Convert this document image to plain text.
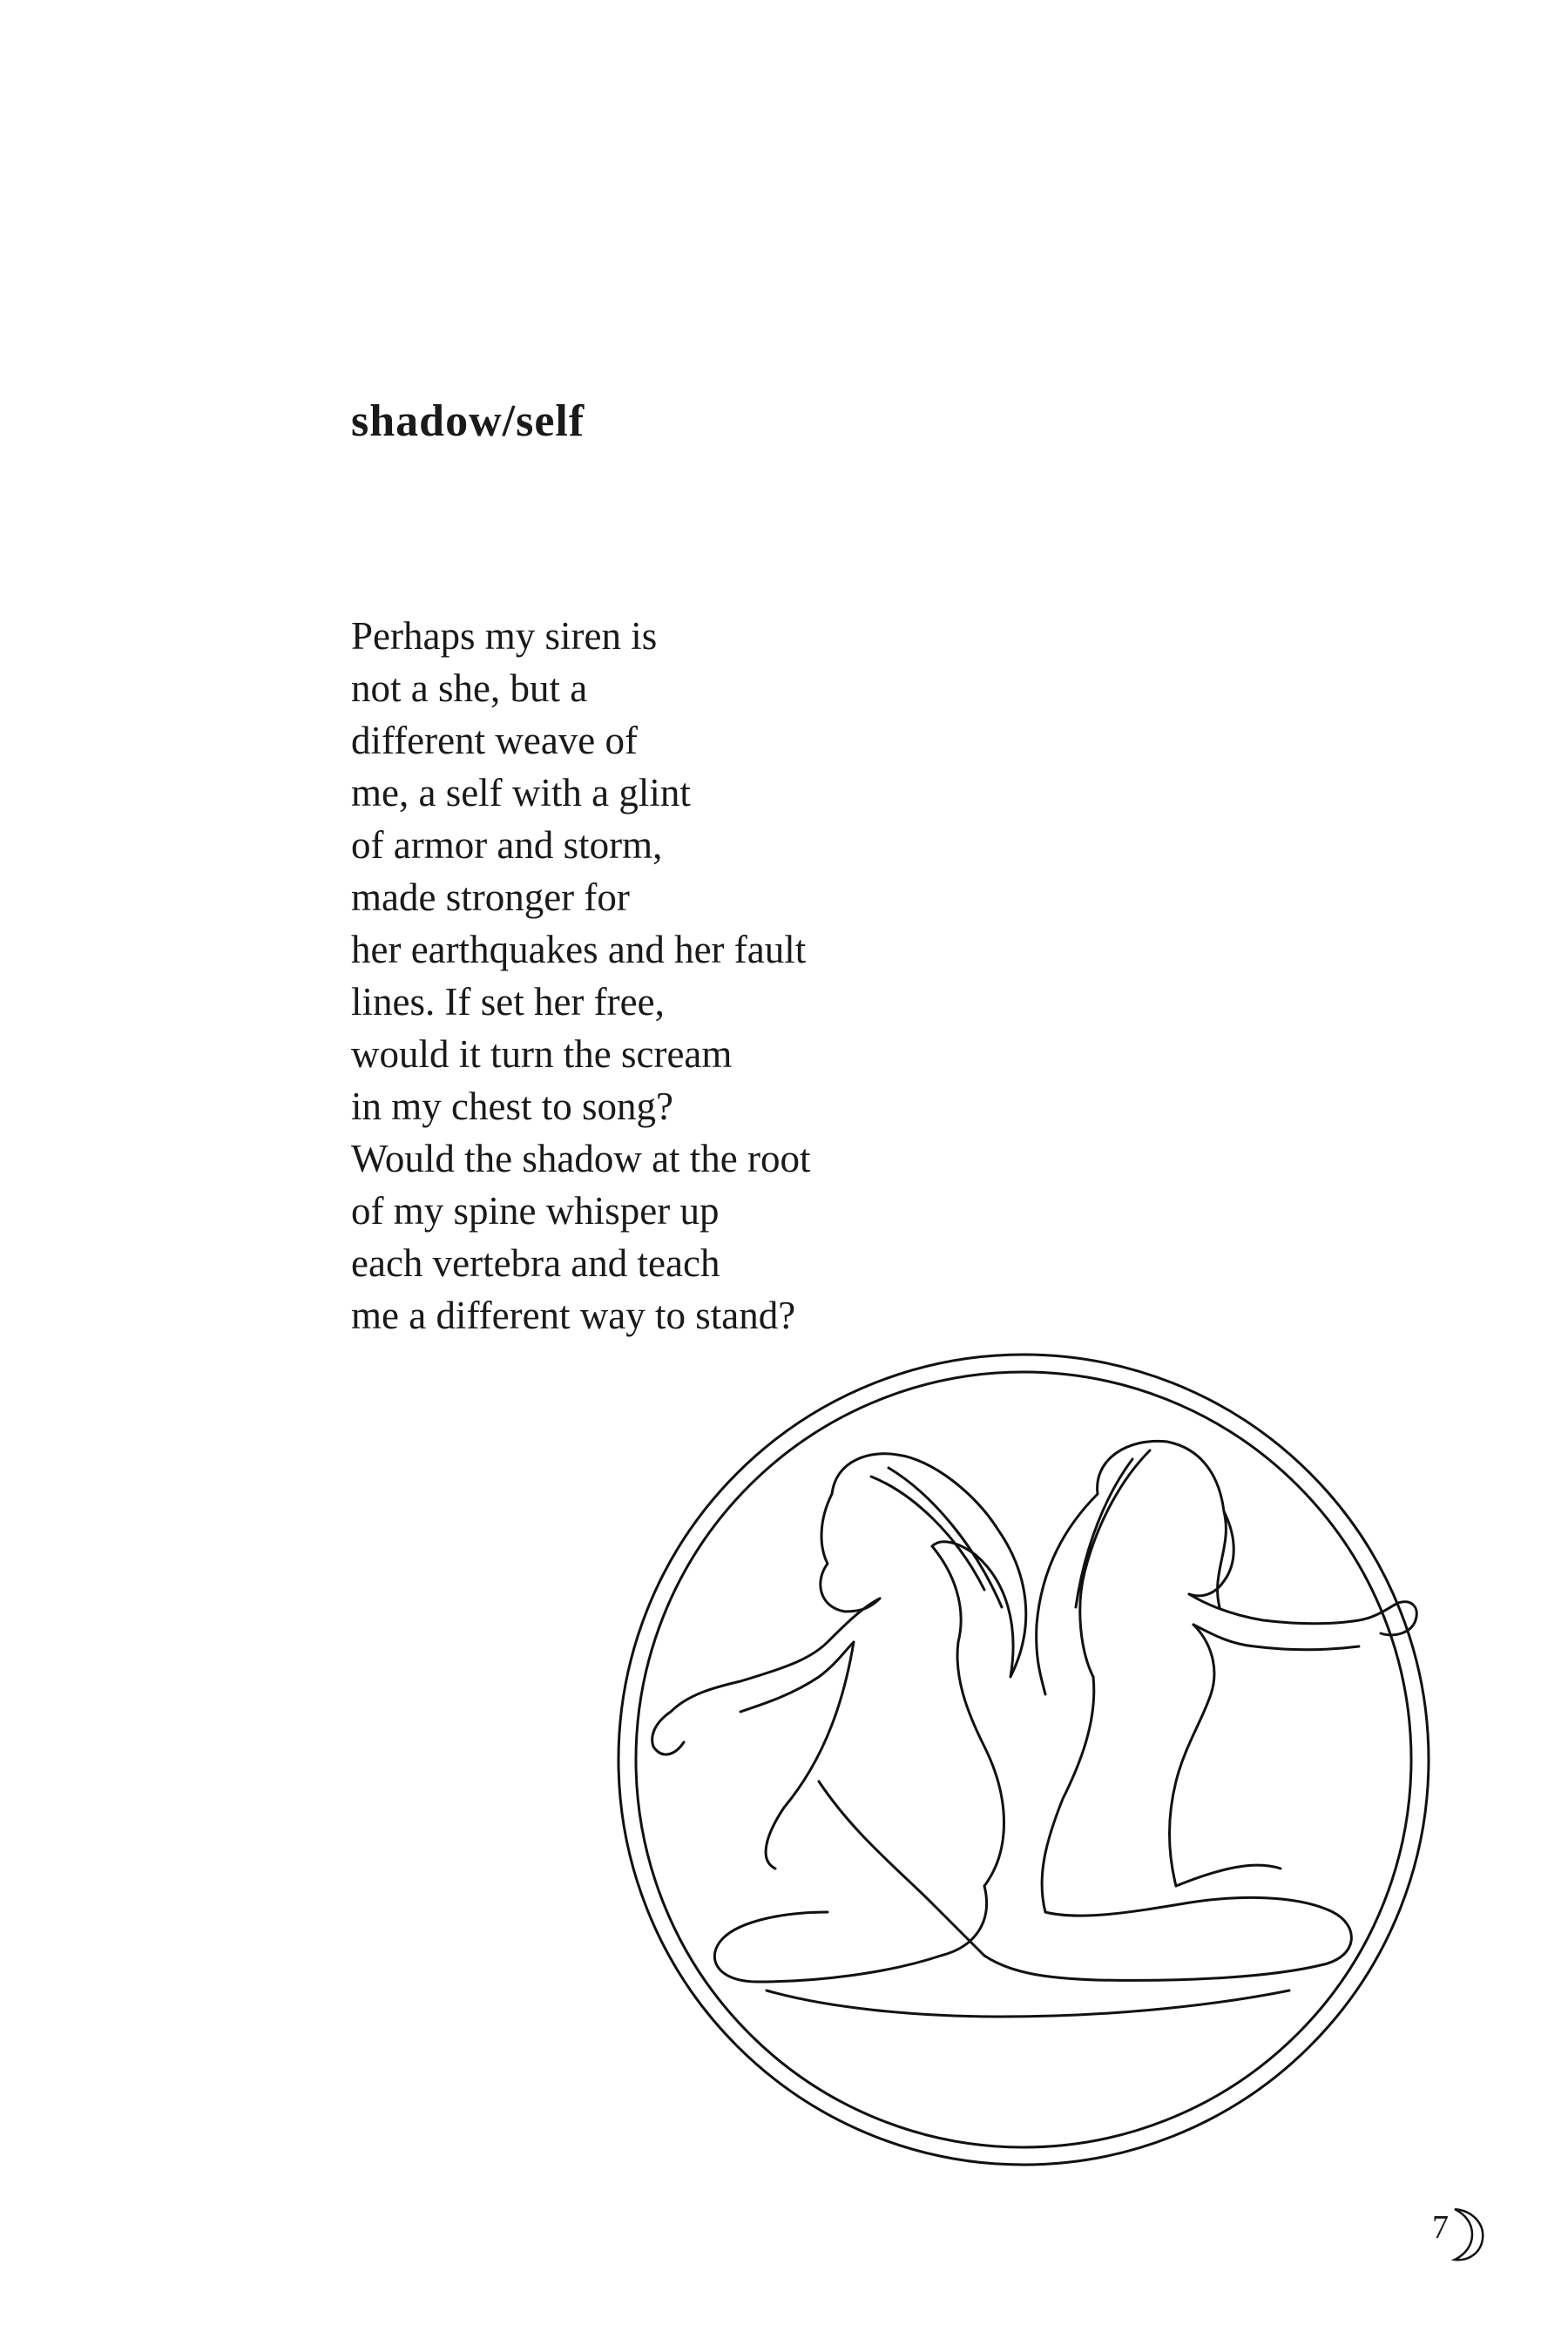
shadow/self
Perhaps my siren is
not a she, but a
different weave of
me, a self with a glint
of armor and storm,
made stronger for
her earthquakes and her fault
lines. If set her free,
would it turn the scream
in my chest to song?
Would the shadow at the root
of my spine whisper up
each vertebra and teach
me a different way to stand?
7
